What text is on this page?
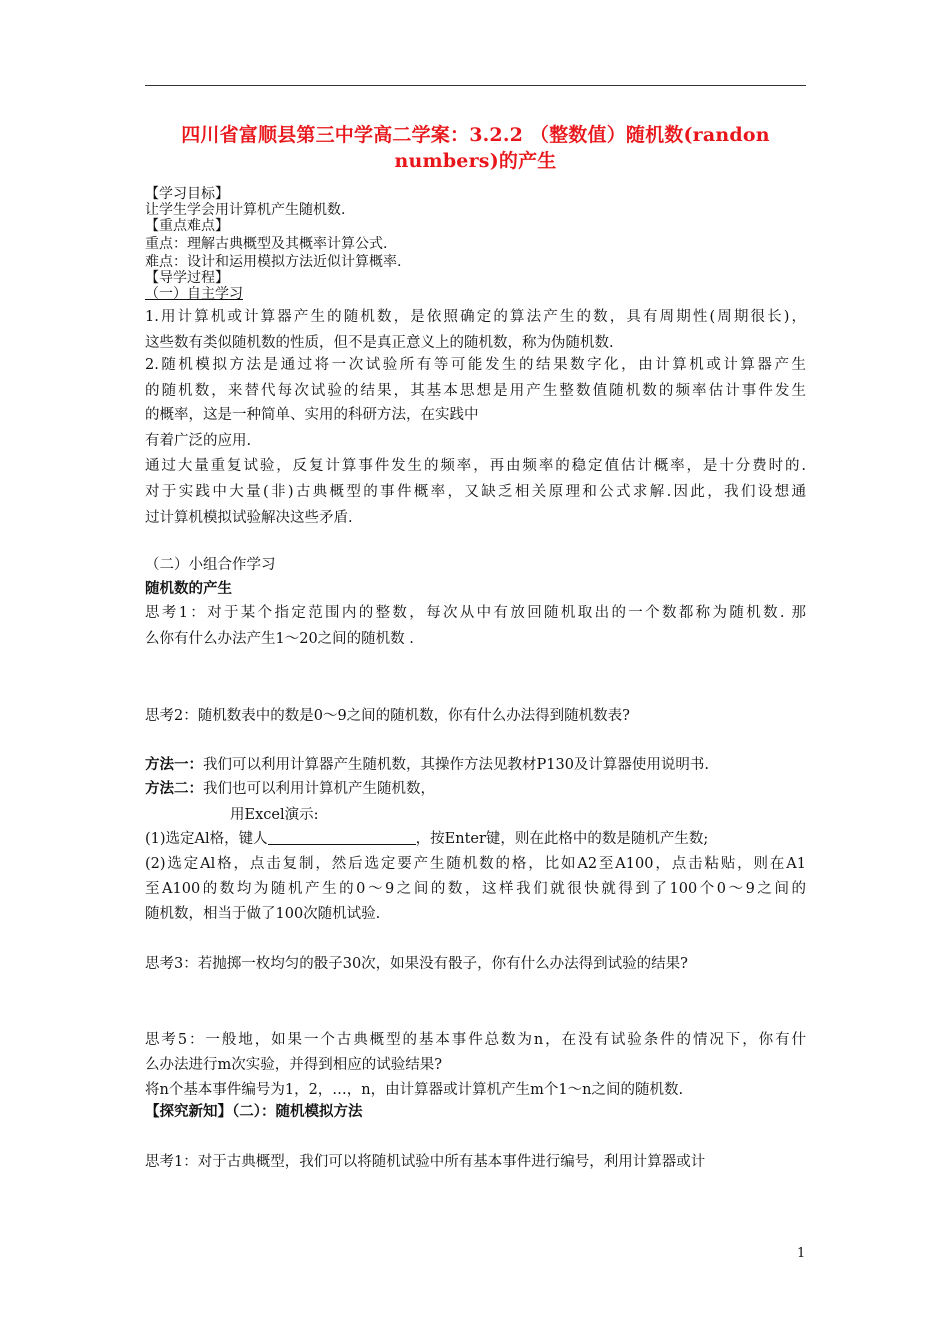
四川省富顺县第三中学高二学案：3.2.2 （整数值）随机数(randon
numbers)的产生
【学习目标】
让学生学会用计算机产生随机数.
【重点难点】
重点：理解古典概型及其概率计算公式.
难点：设计和运用模拟方法近似计算概率.
【导学过程】
（一）自主学习
1.用计算机或计算器产生的随机数，是依照确定的算法产生的数，具有周期性(周期很长)，
这些数有类似随机数的性质，但不是真正意义上的随机数，称为伪随机数.
2.随机模拟方法是通过将一次试验所有等可能发生的结果数字化，由计算机或计算器产生
的随机数，来替代每次试验的结果，其基本思想是用产生整数值随机数的频率估计事件发生
的概率，这是一种简单、实用的科研方法，在实践中
有着广泛的应用.
通过大量重复试验，反复计算事件发生的频率，再由频率的稳定值估计概率，是十分费时的.
对于实践中大量(非)古典概型的事件概率，又缺乏相关原理和公式求解.因此，我们设想通
过计算机模拟试验解决这些矛盾.
（二）小组合作学习
随机数的产生
思考1：对于某个指定范围内的整数，每次从中有放回随机取出的一个数都称为随机数. 那
么你有什么办法产生1～20之间的随机数 .
思考2：随机数表中的数是0～9之间的随机数，你有什么办法得到随机数表?
方法一：我们可以利用计算器产生随机数，其操作方法见教材P130及计算器使用说明书.
方法二：我们也可以利用计算机产生随机数，
用Excel演示:
(1)选定Al格，键人	，按Enter键，则在此格中的数是随机产生数;
(2)选定Al格，点击复制，然后选定要产生随机数的格，比如A2至A100，点击粘贴，则在A1
至A100的数均为随机产生的0～9之间的数，这样我们就很快就得到了100个0～9之间的
随机数，相当于做了100次随机试验.
思考3：若抛掷一枚均匀的骰子30次，如果没有骰子，你有什么办法得到试验的结果?
思考5：一般地，如果一个古典概型的基本事件总数为n，在没有试验条件的情况下，你有什
么办法进行m次实验，并得到相应的试验结果?
将n个基本事件编号为1，2，…，n，由计算器或计算机产生m个1～n之间的随机数.
【探究新知】（二）：随机模拟方法
思考1：对于古典概型，我们可以将随机试验中所有基本事件进行编号，利用计算器或计
1
